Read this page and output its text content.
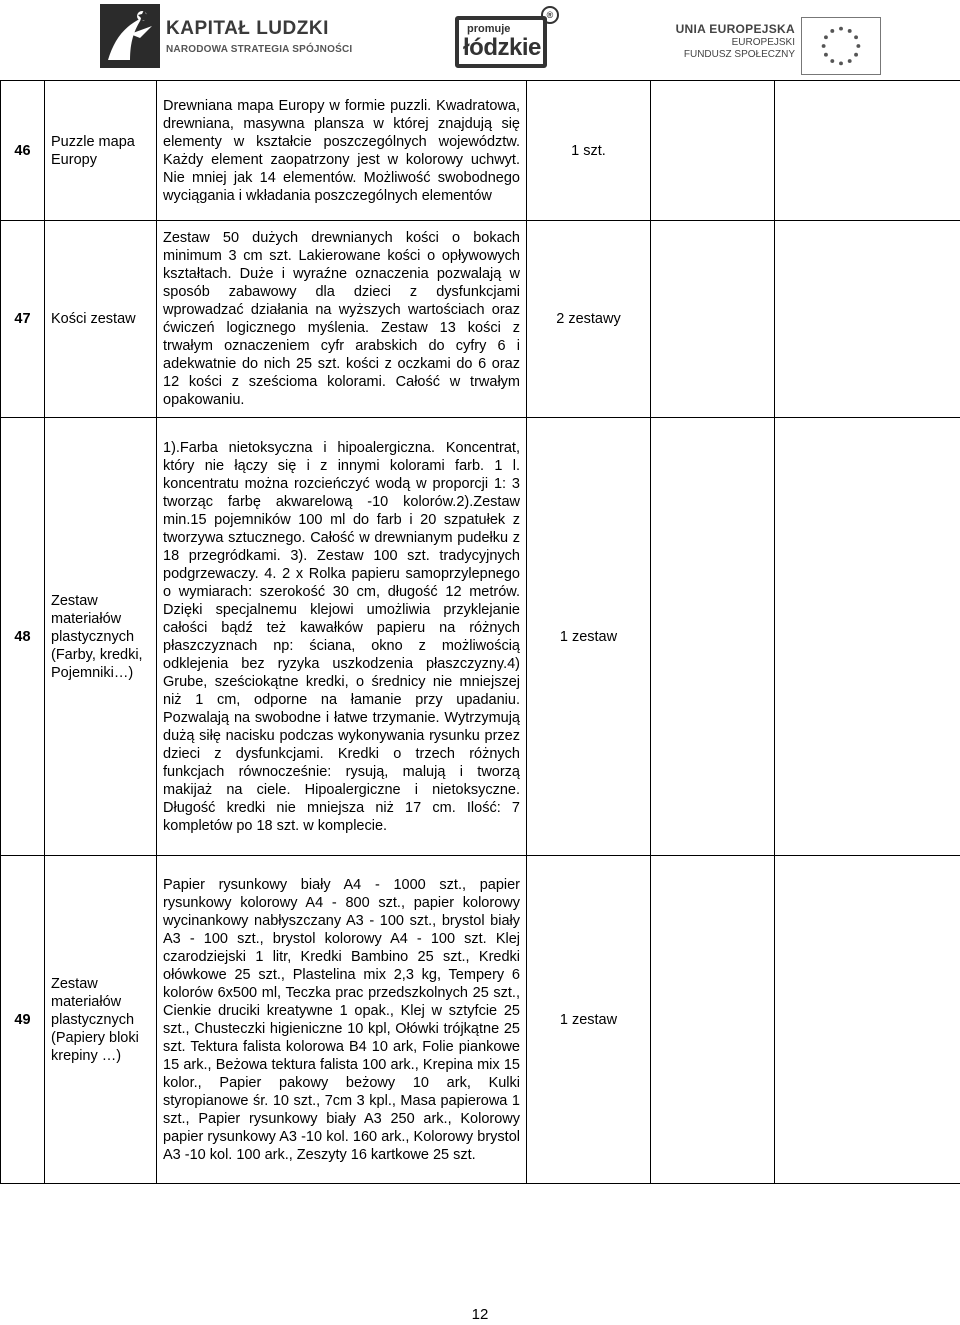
KAPITAŁ LUDZKI
NARODOWA STRATEGIA SPÓJNOŚCI
promuje
łódzkie
®
UNIA EUROPEJSKA
EUROPEJSKI
FUNDUSZ SPOŁECZNY
46	Puzzle mapa Europy	Drewniana mapa Europy w formie puzzli. Kwadratowa, drewniana, masywna plansza w której znajdują się elementy w kształcie poszczególnych województw. Każdy element zaopatrzony jest w kolorowy uchwyt. Nie mniej jak 14 elementów. Możliwość swobodnego wyciągania i wkładania poszczególnych elementów	1 szt.		
47	Kości zestaw	Zestaw 50 dużych drewnianych kości o bokach minimum 3 cm szt. Lakierowane kości o opływowych kształtach. Duże i wyraźne oznaczenia pozwalają w sposób zabawowy dla dzieci z dysfunkcjami wprowadzać działania na wyższych wartościach oraz ćwiczeń logicznego myślenia. Zestaw 13 kości z trwałym oznaczeniem cyfr arabskich do cyfry 6 i adekwatnie do nich 25 szt. kości z oczkami do 6 oraz 12 kości z sześcioma kolorami. Całość w trwałym opakowaniu.	2 zestawy		
48	Zestaw materiałów plastycznych (Farby, kredki, Pojemniki…)	1).Farba nietoksyczna i hipoalergiczna. Koncentrat, który nie łączy się i z innymi kolorami farb. 1 l. koncentratu można rozcieńczyć wodą w proporcji 1: 3 tworząc farbę akwarelową -10 kolorów.2).Zestaw min.15 pojemników 100 ml do farb i 20 szpatułek z tworzywa sztucznego. Całość w drewnianym pudełku z 18 przegródkami. 3). Zestaw 100 szt. tradycyjnych podgrzewaczy. 4. 2 x Rolka papieru samoprzylepnego o wymiarach: szerokość 30 cm, długość 12 metrów. Dzięki specjalnemu klejowi umożliwia przyklejanie całości bądź też kawałków papieru na różnych płaszczyznach np: ściana, okno z możliwością odklejenia bez ryzyka uszkodzenia płaszczyzny.4) Grube, sześciokątne kredki, o średnicy nie mniejszej niż 1 cm, odporne na łamanie przy upadaniu. Pozwalają na swobodne i łatwe trzymanie. Wytrzymują dużą siłę nacisku podczas wykonywania rysunku przez dzieci z dysfunkcjami. Kredki o trzech różnych funkcjach równocześnie: rysują, malują i tworzą makijaż na ciele. Hipoalergiczne i nietoksyczne. Długość kredki nie mniejsza niż 17 cm. Ilość: 7 kompletów po 18 szt. w komplecie.	1 zestaw		
49	Zestaw materiałów plastycznych (Papiery bloki krepiny …)	Papier rysunkowy biały A4 - 1000 szt., papier rysunkowy kolorowy A4 - 800 szt., papier kolorowy wycinankowy nabłyszczany A3 - 100 szt., brystol biały A3 - 100 szt., brystol kolorowy A4 - 100 szt. Klej czarodziejski 1 litr, Kredki Bambino 25 szt., Kredki ołówkowe 25 szt., Plastelina mix 2,3 kg, Tempery 6 kolorów 6x500 ml, Teczka prac przedszkolnych 25 szt., Cienkie druciki kreatywne 1 opak., Klej w sztyfcie 25 szt., Chusteczki higieniczne 10 kpl, Ołówki trójkątne 25 szt. Tektura falista kolorowa B4 10 ark, Folie piankowe 15 ark., Beżowa tektura falista 100 ark., Krepina mix 15 kolor., Papier pakowy beżowy 10 ark, Kulki styropianowe śr. 10 szt., 7cm 3 kpl., Masa papierowa 1 szt., Papier rysunkowy biały A3 250 ark., Kolorowy papier rysunkowy A3 -10 kol. 160 ark., Kolorowy brystol A3 -10 kol. 100 ark., Zeszyty 16 kartkowe 25 szt.	1 zestaw		
12
